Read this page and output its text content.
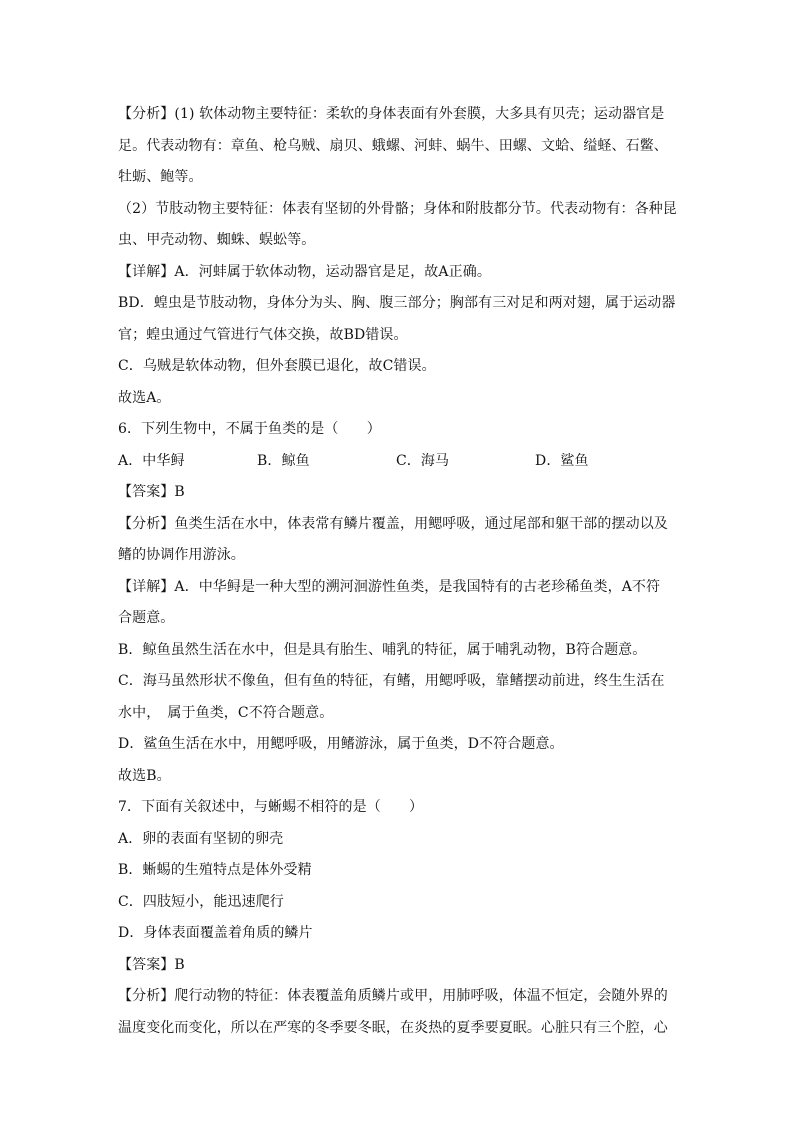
【分析】(1) 软体动物主要特征：柔软的身体表面有外套膜，大多具有贝壳；运动器官是
足。代表动物有：章鱼、枪乌贼、扇贝、蛾螺、河蚌、蜗牛、田螺、文蛤、缢蛏、石鳖、
牡蛎、鲍等。
（2）节肢动物主要特征：体表有坚韧的外骨骼；身体和附肢都分节。代表动物有：各种昆
虫、甲壳动物、蜘蛛、蜈蚣等。
【详解】A．河蚌属于软体动物，运动器官是足，故A正确。
BD．蝗虫是节肢动物，身体分为头、胸、腹三部分；胸部有三对足和两对翅，属于运动器
官；蝗虫通过气管进行气体交换，故BD错误。
C．乌贼是软体动物，但外套膜已退化，故C错误。
故选A。
6．下列生物中，不属于鱼类的是（　　）
A．中华鲟	B．鲸鱼	C．海马	D．鲨鱼
【答案】B
【分析】鱼类生活在水中，体表常有鳞片覆盖，用鳃呼吸，通过尾部和躯干部的摆动以及
鳍的协调作用游泳。
【详解】A．中华鲟是一种大型的溯河洄游性鱼类，是我国特有的古老珍稀鱼类，A不符
合题意。
B．鲸鱼虽然生活在水中，但是具有胎生、哺乳的特征，属于哺乳动物，B符合题意。
C．海马虽然形状不像鱼，但有鱼的特征，有鳍，用鳃呼吸，靠鳍摆动前进，终生生活在
水中，　属于鱼类，C不符合题意。
D．鲨鱼生活在水中，用鳃呼吸，用鳍游泳，属于鱼类，D不符合题意。
故选B。
7．下面有关叙述中，与蜥蜴不相符的是（　　）
A．卵的表面有坚韧的卵壳
B．蜥蜴的生殖特点是体外受精
C．四肢短小，能迅速爬行
D．身体表面覆盖着角质的鳞片
【答案】B
【分析】爬行动物的特征：体表覆盖角质鳞片或甲，用肺呼吸，体温不恒定，会随外界的
温度变化而变化，所以在严寒的冬季要冬眠，在炎热的夏季要夏眠。心脏只有三个腔，心
